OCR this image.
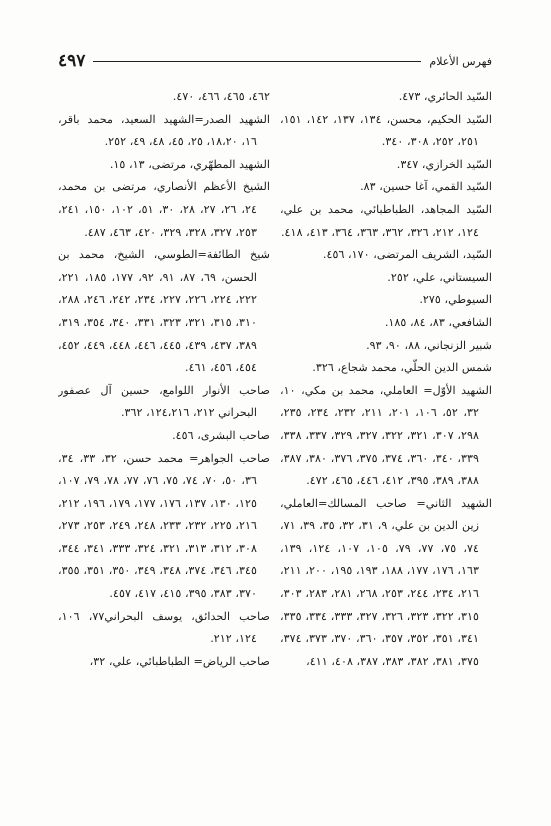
فهرس الأعلام
٤٩٧

السّيد الحائري، ٤٧٣.

السّيد الحكيم، محسن، ١٣٤، ١٣٧، ١٤٢، ١٥١، ٢٥١، ٢٥٢، ٣٠٨، ٣٤٠.

السّيد الخرازي، ٣٤٧.

السّيد القمي، آغا حسين، ٨٣.

السّيد المجاهد، الطباطبائي، محمد بن علي، ١٢٤، ٢١٢، ٣٢٦، ٣٦٢، ٣٦٣، ٣٦٤، ٤١٣، ٤١٨.

السّيد، الشريف المرتضى، ١٧٠، ٤٥٦.

السيستاني، علي، ٢٥٢.

السيوطي، ٢٧٥.

الشافعي، ٨٣، ٨٤، ١٨٥.

شبير الزنجاني، ٨٨، ٩٠، ٩٣.

شمس الدين الحلّي، محمد شجاع، ٣٢٦.

الشهيد الأوّل= العاملي، محمد بن مكي، ١٠، ٣٢، ٥٢، ١٠٦، ٢٠١، ٢١١، ٢٣٢، ٢٣٤، ٢٣٥، ٢٩٨، ٣٠٧، ٣٢١، ٣٢٢، ٣٢٧، ٣٢٩، ٣٣٧، ٣٣٨، ٣٣٩، ٣٤٠، ٣٦٠، ٣٧٤، ٣٧٥، ٣٧٦، ٣٨٠، ٣٨٧، ٣٨٨، ٣٨٩، ٣٩٥، ٤١٢، ٤٤٦، ٤٦٥، ٤٧٢.

الشهيد الثاني= صاحب المسالك=العاملي، زين الدين بن علي، ٩، ٣١، ٣٢، ٣٥، ٣٩، ٧١، ٧٤، ٧٥، ٧٧، ٧٩، ١٠٥، ١٠٧، ١٢٤، ١٣٩، ١٦٣، ١٧٦، ١٧٧، ١٨٨، ١٩٣، ١٩٥، ٢٠٠، ٢١١، ٢١٦، ٢٣٤، ٢٤٤، ٢٥٣، ٢٦٨، ٢٨١، ٢٨٣، ٣٠٣، ٣١٥، ٣٢٢، ٣٢٣، ٣٢٦، ٣٢٧، ٣٣٣، ٣٣٤، ٣٣٥، ٣٤١، ٣٥١، ٣٥٢، ٣٥٧، ٣٦٠، ٣٧٠، ٣٧٣، ٣٧٤، ٣٧٥، ٣٨١، ٣٨٢، ٣٨٣، ٣٨٧، ٤٠٨، ٤١١،

٤٦٢، ٤٦٥، ٤٦٦، ٤٧٠.

الشهيد الصدر=الشهيد السعيد، محمد باقر، ١٦، ١٨،٢٠، ٢٥، ٤٥، ٤٨، ٤٩، ٢٥٢.

الشهيد المطهّري، مرتضى، ١٣، ١٥.

الشيخ الأعظم الأنصاري، مرتضى بن محمد، ٢٤، ٢٦، ٢٧، ٢٨، ٣٠، ٥١، ١٠٢، ١٥٠، ٢٤١، ٢٥٣، ٣٢٧، ٣٢٨، ٣٢٩، ٤٢٠، ٤٦٣، ٤٨٧.

شيخ الطائفة=الطوسي، الشيخ، محمد بن الحسن، ٦٩، ٨٧، ٩١، ٩٢، ١٧٧، ١٨٥، ٢٢١، ٢٢٢، ٢٢٤، ٢٢٦، ٢٢٧، ٢٣٤، ٢٤٢، ٢٤٦، ٢٨٨، ٣١٠، ٣١٥، ٣٢١، ٣٢٣، ٣٣١، ٣٤٠، ٣٥٤، ٣١٩، ٣٨٩، ٤٣٧، ٤٣٩، ٤٤٥، ٤٤٦، ٤٤٨، ٤٤٩، ٤٥٢، ٤٥٤، ٤٥٦، ٤٦١.

صاحب الأنوار اللوامع، حسين آل عصفور البحراني ٢١٢، ١٢٤،٢١٦، ٣٦٢.

صاحب البشرى، ٤٥٦.

صاحب الجواهر= محمد حسن، ٣٢، ٣٣، ٣٤، ٣٦، ٥٠، ٧٠، ٧٤، ٧٥، ٧٦، ٧٧، ٧٨، ٧٩، ١٠٧، ١٢٥، ١٣٠، ١٣٧، ١٧٦، ١٧٧، ١٧٩، ١٩٦، ٢١٢، ٢١٦، ٢٢٥، ٢٣٢، ٢٣٣، ٢٤٨، ٢٤٩، ٢٥٣، ٢٧٣، ٣٠٨، ٣١٢، ٣١٣، ٣٢١، ٣٢٤، ٣٣٣، ٣٤١، ٣٤٤، ٣٤٥، ٣٤٦، ٣٧٤، ٣٤٨، ٣٤٩، ٣٥٠، ٣٥١، ٣٥٥، ٣٧٠، ٣٨٣، ٣٩٥، ٤١٥، ٤١٧، ٤٥٧.

صاحب الحدائق، يوسف البحراني٧٧، ١٠٦، ١٢٤، ٢١٢.

صاحب الرياض= الطباطبائي، علي، ٣٢،
